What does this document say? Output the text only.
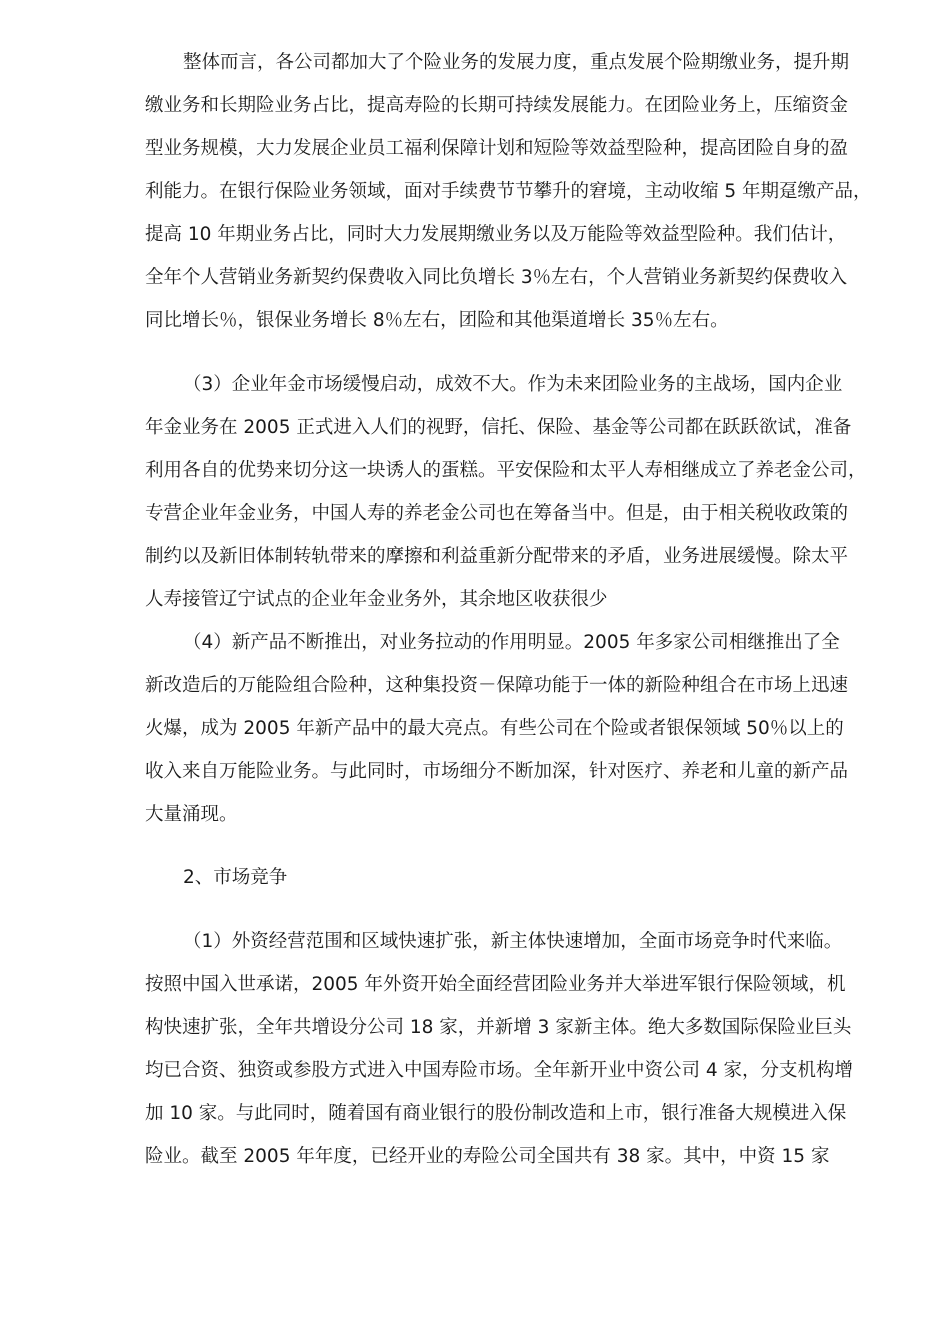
整体而言，各公司都加大了个险业务的发展力度，重点发展个险期缴业务，提升期
缴业务和长期险业务占比，提高寿险的长期可持续发展能力。在团险业务上，压缩资金
型业务规模，大力发展企业员工福利保障计划和短险等效益型险种，提高团险自身的盈
利能力。在银行保险业务领域，面对手续费节节攀升的窘境，主动收缩 5 年期趸缴产品，
提高 10 年期业务占比，同时大力发展期缴业务以及万能险等效益型险种。我们估计，
全年个人营销业务新契约保费收入同比负增长 3％左右，个人营销业务新契约保费收入
同比增长％，银保业务增长 8％左右，团险和其他渠道增长 35％左右。
（3）企业年金市场缓慢启动，成效不大。作为未来团险业务的主战场，国内企业
年金业务在 2005 正式进入人们的视野，信托、保险、基金等公司都在跃跃欲试，准备
利用各自的优势来切分这一块诱人的蛋糕。平安保险和太平人寿相继成立了养老金公司，
专营企业年金业务，中国人寿的养老金公司也在筹备当中。但是，由于相关税收政策的
制约以及新旧体制转轨带来的摩擦和利益重新分配带来的矛盾，业务进展缓慢。除太平
人寿接管辽宁试点的企业年金业务外，其余地区收获很少
（4）新产品不断推出，对业务拉动的作用明显。2005 年多家公司相继推出了全
新改造后的万能险组合险种，这种集投资－保障功能于一体的新险种组合在市场上迅速
火爆，成为 2005 年新产品中的最大亮点。有些公司在个险或者银保领域 50％以上的
收入来自万能险业务。与此同时，市场细分不断加深，针对医疗、养老和儿童的新产品
大量涌现。
2、市场竞争
（1）外资经营范围和区域快速扩张，新主体快速增加，全面市场竞争时代来临。
按照中国入世承诺，2005 年外资开始全面经营团险业务并大举进军银行保险领域，机
构快速扩张，全年共增设分公司 18 家，并新增 3 家新主体。绝大多数国际保险业巨头
均已合资、独资或参股方式进入中国寿险市场。全年新开业中资公司 4 家，分支机构增
加 10 家。与此同时，随着国有商业银行的股份制改造和上市，银行准备大规模进入保
险业。截至 2005 年年度，已经开业的寿险公司全国共有 38 家。其中，中资 15 家
